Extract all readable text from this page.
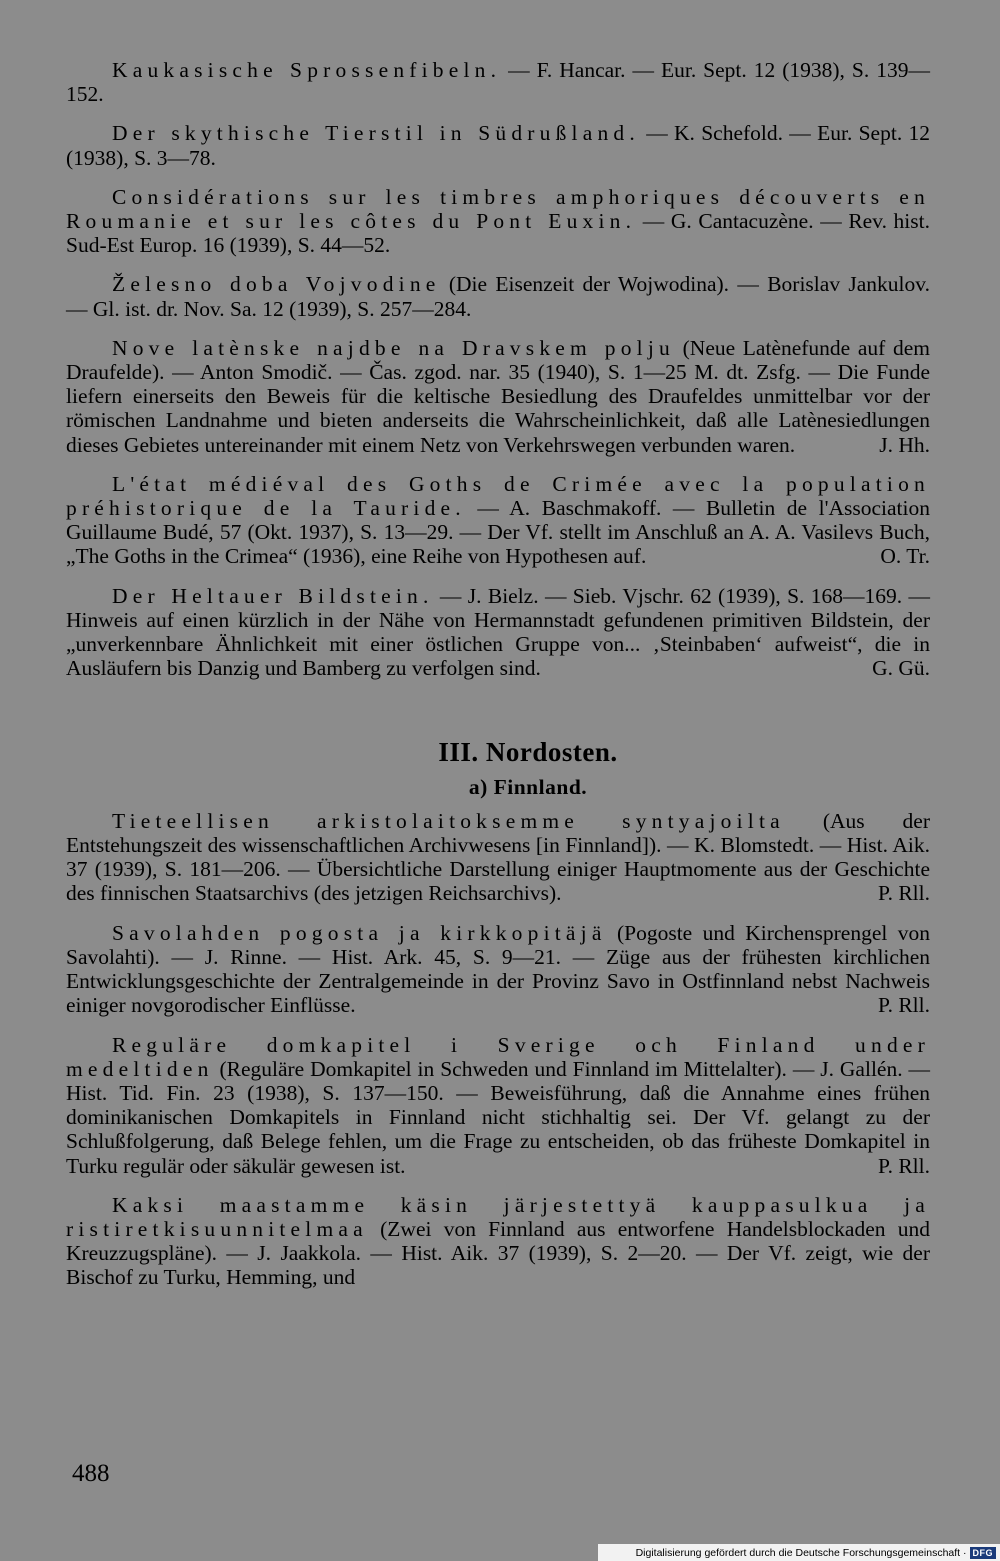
Kaukasische Sprossenfibeln. — F. Hancar. — Eur. Sept. 12 (1938), S. 139—152.

Der skythische Tierstil in Südrußland. — K. Schefold. — Eur. Sept. 12 (1938), S. 3—78.

Considérations sur les timbres amphoriques découverts en Roumanie et sur les côtes du Pont Euxin. — G. Cantacuzène. — Rev. hist. Sud-Est Europ. 16 (1939), S. 44—52.

Želesno doba Vojvodine (Die Eisenzeit der Wojwodina). — Borislav Jankulov. — Gl. ist. dr. Nov. Sa. 12 (1939), S. 257—284.

Nove latènske najdbe na Dravskem polju (Neue Latènefunde auf dem Draufelde). — Anton Smodič. — Čas. zgod. nar. 35 (1940), S. 1—25 M. dt. Zsfg. — Die Funde liefern einerseits den Beweis für die keltische Besiedlung des Draufeldes unmittelbar vor der römischen Landnahme und bieten anderseits die Wahrscheinlichkeit, daß alle Latènesiedlungen dieses Gebietes untereinander mit einem Netz von Verkehrswegen verbunden waren.	J. Hh.

L'état médiéval des Goths de Crimée avec la population préhistorique de la Tauride. — A. Baschmakoff. — Bulletin de l'Association Guillaume Budé, 57 (Okt. 1937), S. 13—29. — Der Vf. stellt im Anschluß an A. A. Vasilevs Buch, „The Goths in the Crimea“ (1936), eine Reihe von Hypothesen auf.	O. Tr.

Der Heltauer Bildstein. — J. Bielz. — Sieb. Vjschr. 62 (1939), S. 168—169. — Hinweis auf einen kürzlich in der Nähe von Hermannstadt gefundenen primitiven Bildstein, der „unverkennbare Ähnlichkeit mit einer östlichen Gruppe von... ‚Steinbaben‘ aufweist“, die in Ausläufern bis Danzig und Bamberg zu verfolgen sind.	G. Gü.

III. Nordosten.
a) Finnland.

Tieteellisen arkistolaitoksemme syntyajoilta (Aus der Entstehungszeit des wissenschaftlichen Archivwesens [in Finnland]). — K. Blomstedt. — Hist. Aik. 37 (1939), S. 181—206. — Übersichtliche Darstellung einiger Hauptmomente aus der Geschichte des finnischen Staatsarchivs (des jetzigen Reichsarchivs).	P. Rll.

Savolahden pogosta ja kirkkopitäjä (Pogoste und Kirchensprengel von Savolahti). — J. Rinne. — Hist. Ark. 45, S. 9—21. — Züge aus der frühesten kirchlichen Entwicklungsgeschichte der Zentralgemeinde in der Provinz Savo in Ostfinnland nebst Nachweis einiger novgorodischer Einflüsse.	P. Rll.

Reguläre domkapitel i Sverige och Finland under medeltiden (Reguläre Domkapitel in Schweden und Finnland im Mittelalter). — J. Gallén. — Hist. Tid. Fin. 23 (1938), S. 137—150. — Beweisführung, daß die Annahme eines frühen dominikanischen Domkapitels in Finnland nicht stichhaltig sei. Der Vf. gelangt zu der Schlußfolgerung, daß Belege fehlen, um die Frage zu entscheiden, ob das früheste Domkapitel in Turku regulär oder säkulär gewesen ist.	P. Rll.

Kaksi maastamme käsin järjestettyä kauppasulkua ja ristiretkisuunnitelmaa (Zwei von Finnland aus entworfene Handelsblockaden und Kreuzzugspläne). — J. Jaakkola. — Hist. Aik. 37 (1939), S. 2—20. — Der Vf. zeigt, wie der Bischof zu Turku, Hemming, und

488
Digitalisierung gefördert durch die Deutsche Forschungsgemeinschaft · DFG
